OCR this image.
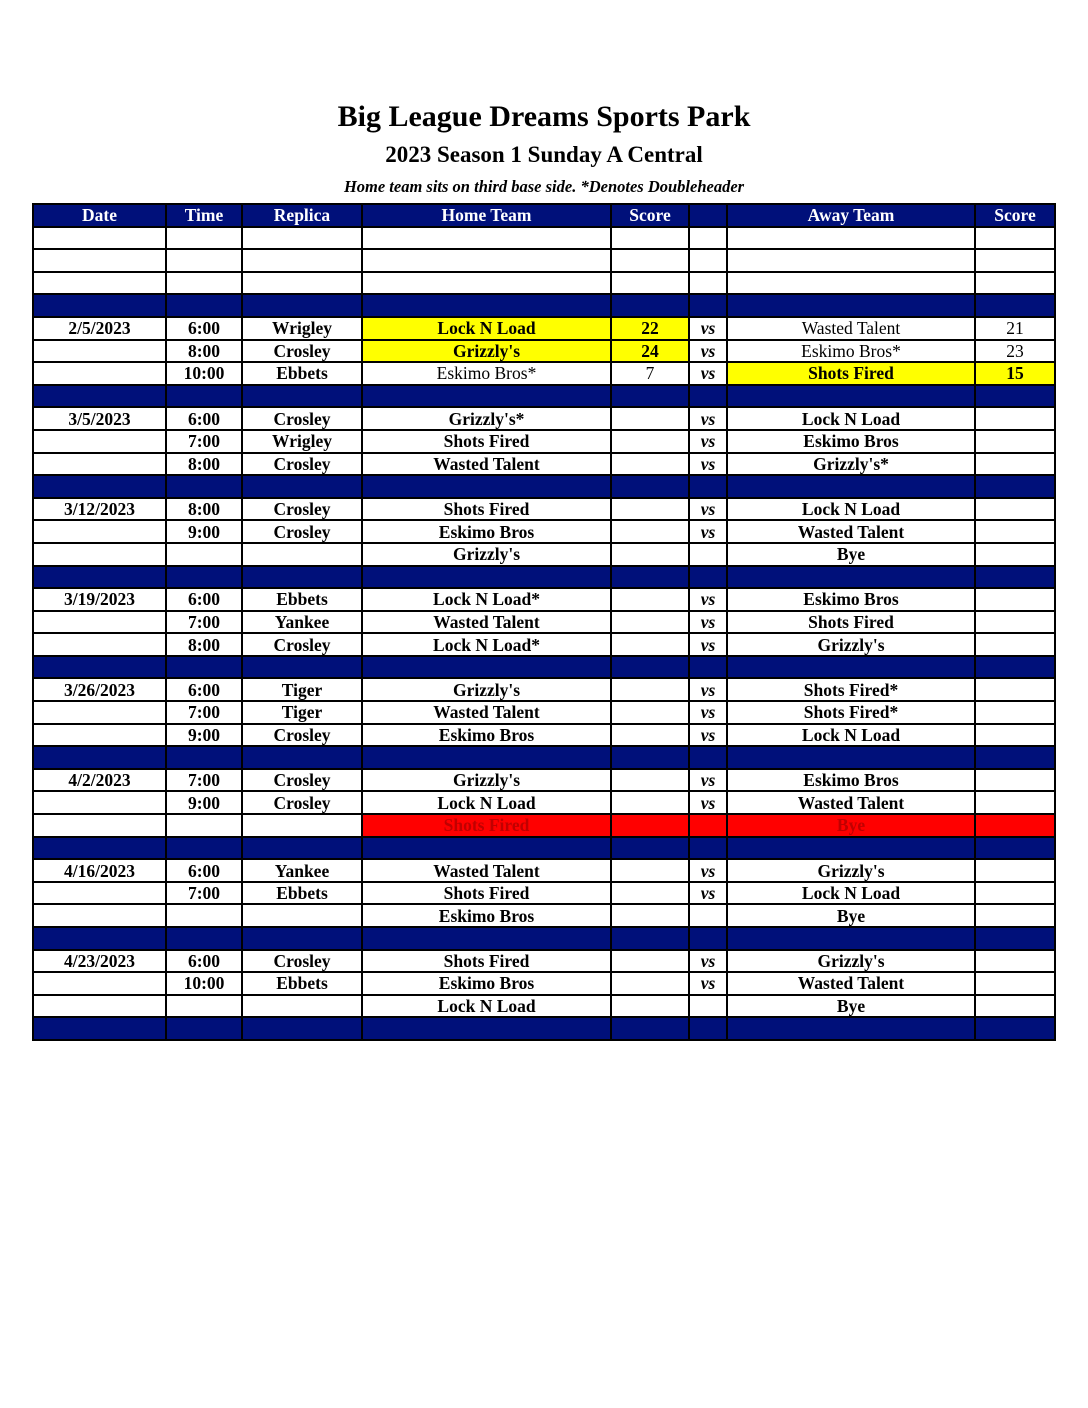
Big League Dreams Sports Park
2023 Season 1 Sunday A Central
Home team sits on third base side. *Denotes Doubleheader
Date	Time	Replica	Home Team	Score		Away Team	Score

2/5/2023	6:00	Wrigley	Lock N Load	22	vs	Wasted Talent	21
	8:00	Crosley	Grizzly's	24	vs	Eskimo Bros*	23
	10:00	Ebbets	Eskimo Bros*	7	vs	Shots Fired	15

3/5/2023	6:00	Crosley	Grizzly's*		vs	Lock N Load	
	7:00	Wrigley	Shots Fired		vs	Eskimo Bros	
	8:00	Crosley	Wasted Talent		vs	Grizzly's*	

3/12/2023	8:00	Crosley	Shots Fired		vs	Lock N Load	
	9:00	Crosley	Eskimo Bros		vs	Wasted Talent	
			Grizzly's			Bye	

3/19/2023	6:00	Ebbets	Lock N Load*		vs	Eskimo Bros	
	7:00	Yankee	Wasted Talent		vs	Shots Fired	
	8:00	Crosley	Lock N Load*		vs	Grizzly's	

3/26/2023	6:00	Tiger	Grizzly's		vs	Shots Fired*	
	7:00	Tiger	Wasted Talent		vs	Shots Fired*	
	9:00	Crosley	Eskimo Bros		vs	Lock N Load	

4/2/2023	7:00	Crosley	Grizzly's		vs	Eskimo Bros	
	9:00	Crosley	Lock N Load		vs	Wasted Talent	
			Shots Fired			Bye	

4/16/2023	6:00	Yankee	Wasted Talent		vs	Grizzly's	
	7:00	Ebbets	Shots Fired		vs	Lock N Load	
			Eskimo Bros			Bye	

4/23/2023	6:00	Crosley	Shots Fired		vs	Grizzly's	
	10:00	Ebbets	Eskimo Bros		vs	Wasted Talent	
			Lock N Load			Bye	
